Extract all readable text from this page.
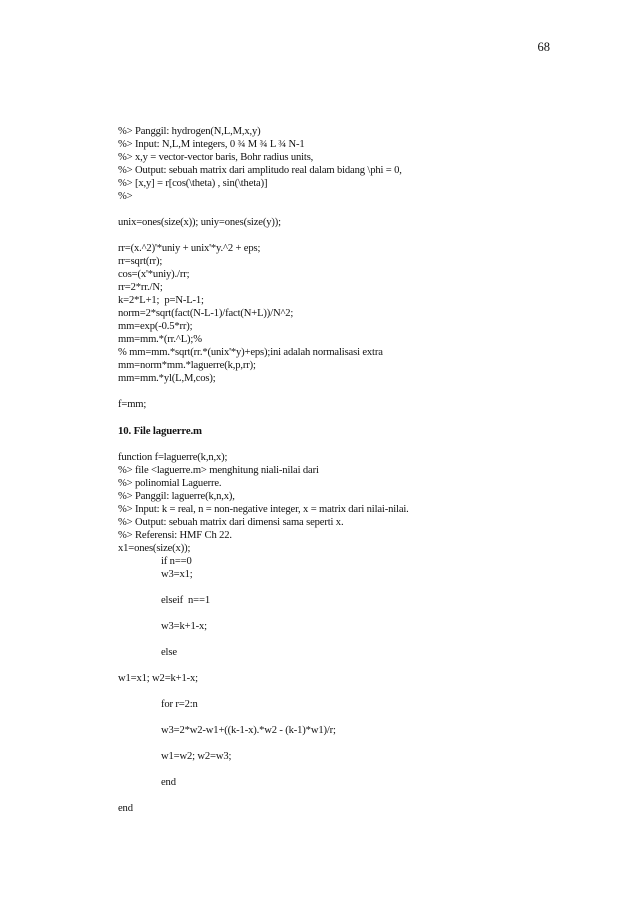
68
%> Panggil: hydrogen(N,L,M,x,y)
%> Input: N,L,M integers, 0 ¾ M ¾ L ¾ N-1
%> x,y = vector-vector baris, Bohr radius units,
%> Output: sebuah matrix dari amplitudo real dalam bidang \phi = 0,
%> [x,y] = r[cos(\theta) , sin(\theta)]
%>
unix=ones(size(x)); uniy=ones(size(y));
rr=(x.^2)'*uniy + unix'*y.^2 + eps;
rr=sqrt(rr);
cos=(x'*uniy)./rr;
rr=2*rr./N;
k=2*L+1;  p=N-L-1;
norm=2*sqrt(fact(N-L-1)/fact(N+L))/N^2;
mm=exp(-0.5*rr);
mm=mm.*(rr.^L);%
% mm=mm.*sqrt(rr.*(unix'*y)+eps);ini adalah normalisasi extra
mm=norm*mm.*laguerre(k,p,rr);
mm=mm.*yl(L,M,cos);
f=mm;
10. File laguerre.m
function f=laguerre(k,n,x);
%> file <laguerre.m> menghitung niali-nilai dari
%> polinomial Laguerre.
%> Panggil: laguerre(k,n,x),
%> Input: k = real, n = non-negative integer, x = matrix dari nilai-nilai.
%> Output: sebuah matrix dari dimensi sama seperti x.
%> Referensi: HMF Ch 22.
x1=ones(size(x));
if n==0
w3=x1;
elseif  n==1
w3=k+1-x;
else
w1=x1; w2=k+1-x;
for r=2:n
w3=2*w2-w1+((k-1-x).*w2 - (k-1)*w1)/r;
w1=w2; w2=w3;
end
end
